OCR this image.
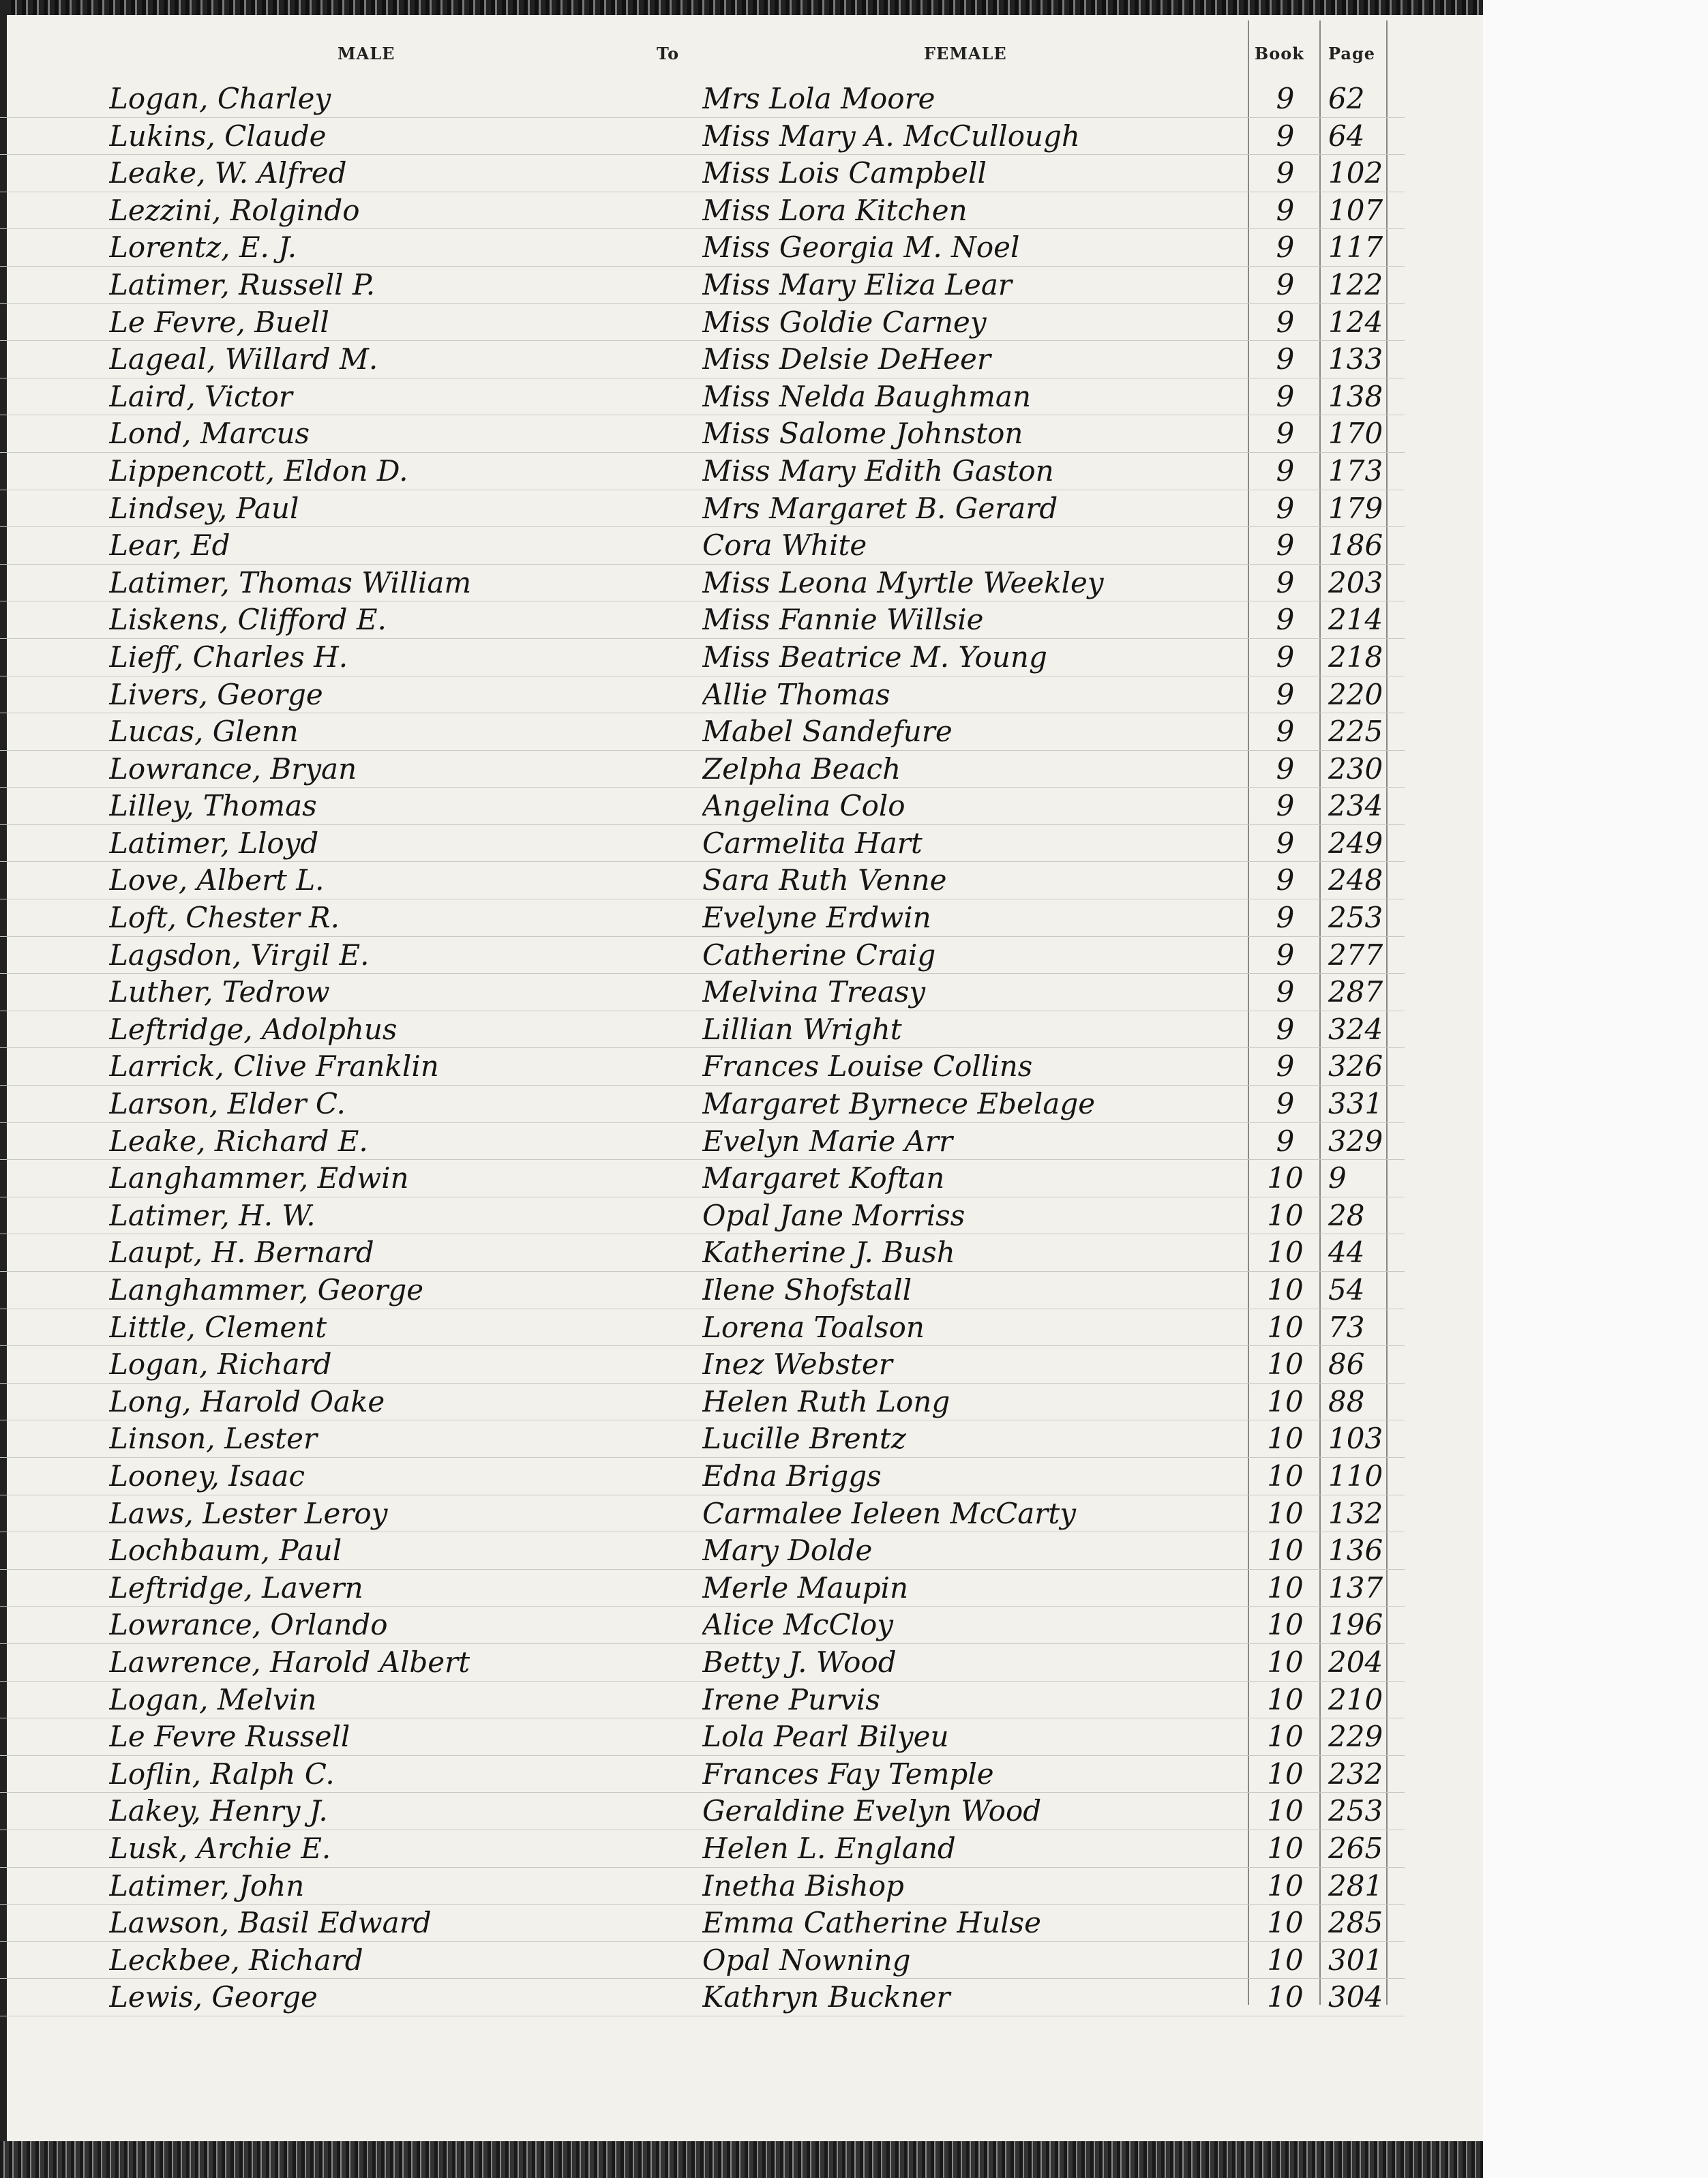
MALE	To	FEMALE	Book Page
Logan, Charley	Mrs Lola Moore	9	62
Lukins, Claude	Miss Mary A. McCullough	9	64
Leake, W. Alfred	Miss Lois Campbell	9	102
Lezzini, Rolgindo	Miss Lora Kitchen	9	107
Lorentz, E. J.	Miss Georgia M. Noel	9	117
Latimer, Russell P.	Miss Mary Eliza Lear	9	122
Le Fevre, Buell	Miss Goldie Carney	9	124
Lageal, Willard M.	Miss Delsie DeHeer	9	133
Laird, Victor	Miss Nelda Baughman	9	138
Lond, Marcus	Miss Salome Johnston	9	170
Lippencott, Eldon D.	Miss Mary Edith Gaston	9	173
Lindsey, Paul	Mrs Margaret B. Gerard	9	179
Lear, Ed	Cora White	9	186
Latimer, Thomas William	Miss Leona Myrtle Weekley	9	203
Liskens, Clifford E.	Miss Fannie Willsie	9	214
Lieff, Charles H.	Miss Beatrice M. Young	9	218
Livers, George	Allie Thomas	9	220
Lucas, Glenn	Mabel Sandefure	9	225
Lowrance, Bryan	Zelpha Beach	9	230
Lilley, Thomas	Angelina Colo	9	234
Latimer, Lloyd	Carmelita Hart	9	249
Love, Albert L.	Sara Ruth Venne	9	248
Loft, Chester R.	Evelyne Erdwin	9	253
Lagsdon, Virgil E.	Catherine Craig	9	277
Luther, Tedrow	Melvina Treasy	9	287
Leftridge, Adolphus	Lillian Wright	9	324
Larrick, Clive Franklin	Frances Louise Collins	9	326
Larson, Elder C.	Margaret Byrnece Ebelage	9	331
Leake, Richard E.	Evelyn Marie Arr	9	329
Langhammer, Edwin	Margaret Koftan	10 9
Latimer, H. W.	Opal Jane Morriss	10 28
Laupt, H. Bernard	Katherine J. Bush	10 44
Langhammer, George	Ilene Shofstall	10 54
Little, Clement	Lorena Toalson	10 73
Logan, Richard	Inez Webster	10 86
Long, Harold Oake	Helen Ruth Long	10 88
Linson, Lester	Lucille Brentz	10 103
Looney, Isaac	Edna Briggs	10 110
Laws, Lester Leroy	Carmalee Ieleen McCarty	10 132
Lochbaum, Paul	Mary Dolde	10 136
Leftridge, Lavern	Merle Maupin	10 137
Lowrance, Orlando	Alice McCloy	10 196
Lawrence, Harold Albert	Betty J. Wood	10 204
Logan, Melvin	Irene Purvis	10 210
Le Fevre Russell	Lola Pearl Bilyeu	10 229
Loflin, Ralph C.	Frances Fay Temple	10 232
Lakey, Henry J.	Geraldine Evelyn Wood	10 253
Lusk, Archie E.	Helen L. England	10 265
Latimer, John	Inetha Bishop	10 281
Lawson, Basil Edward	Emma Catherine Hulse	10 285
Leckbee, Richard	Opal Nowning	10 301
Lewis, George	Kathryn Buckner	10 304
